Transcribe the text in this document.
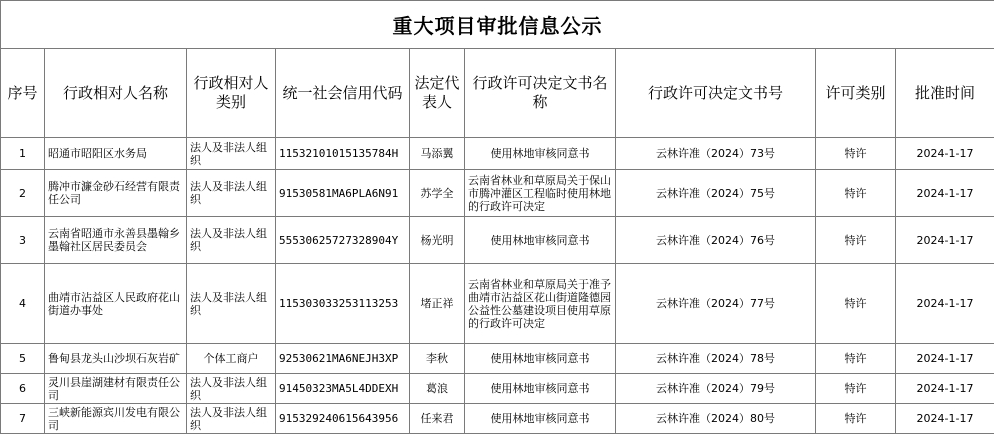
重大项目审批信息公示								
序号	行政相对人名称	行政相对人类别	统一社会信用代码	法定代表人	行政许可决定文书名称	行政许可决定文书号	许可类别	批准时间
1	昭通市昭阳区水务局	法人及非法人组织	11532101015135784H	马添翼	使用林地审核同意书	云林许准（2024）73号	特许	2024-1-17
2	腾冲市濂金砂石经营有限责任公司	法人及非法人组织	91530581MA6PLA6N91	苏学全	云南省林业和草原局关于保山市腾冲灌区工程临时使用林地的行政许可决定	云林许准（2024）75号	特许	2024-1-17
3	云南省昭通市永善县墨翰乡墨翰社区居民委员会	法人及非法人组织	55530625727328904Y	杨光明	使用林地审核同意书	云林许准（2024）76号	特许	2024-1-17
4	曲靖市沾益区人民政府花山街道办事处	法人及非法人组织	115303033253113253	堵正祥	云南省林业和草原局关于准予曲靖市沾益区花山街道隆德园公益性公墓建设项目使用草原的行政许可决定	云林许准（2024）77号	特许	2024-1-17
5	鲁甸县龙头山沙坝石灰岩矿	个体工商户	92530621MA6NEJH3XP	李秋	使用林地审核同意书	云林许准（2024）78号	特许	2024-1-17
6	灵川县崖湖建材有限责任公司	法人及非法人组织	91450323MA5L4DDEXH	葛浪	使用林地审核同意书	云林许准（2024）79号	特许	2024-1-17
7	三峡新能源宾川发电有限公司	法人及非法人组织	91532924061​5643956	任来君	使用林地审核同意书	云林许准（2024）80号	特许	2024-1-17
